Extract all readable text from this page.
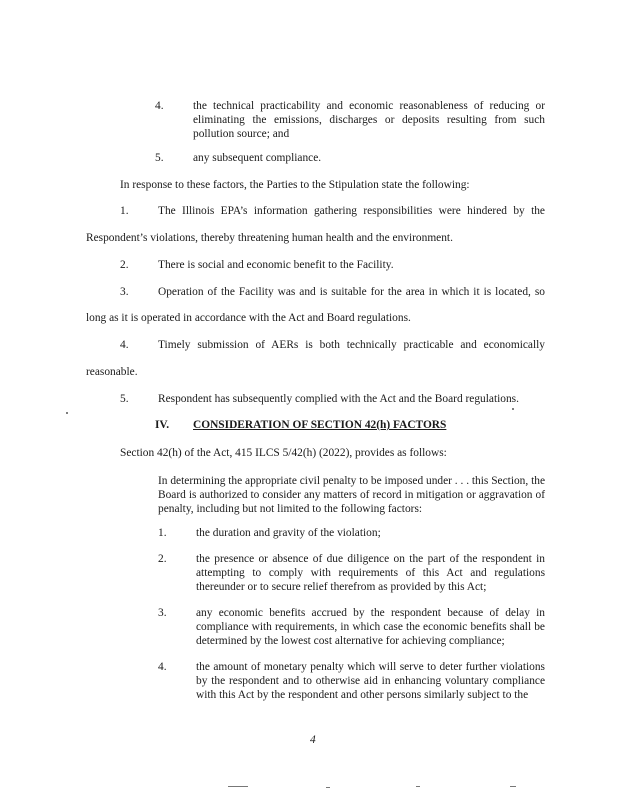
4.	the technical practicability and economic reasonableness of reducing or eliminating the emissions, discharges or deposits resulting from such pollution source; and
5.	any subsequent compliance.
In response to these factors, the Parties to the Stipulation state the following:
1.	The Illinois EPA’s information gathering responsibilities were hindered by the
Respondent’s violations, thereby threatening human health and the environment.
2.	There is social and economic benefit to the Facility.
3.	Operation of the Facility was and is suitable for the area in which it is located, so
long as it is operated in accordance with the Act and Board regulations.
4.	Timely submission of AERs is both technically practicable and economically
reasonable.
5.	Respondent has subsequently complied with the Act and the Board regulations.
IV. CONSIDERATION OF SECTION 42(h) FACTORS
Section 42(h) of the Act, 415 ILCS 5/42(h) (2022), provides as follows:
In determining the appropriate civil penalty to be imposed under . . . this Section, the Board is authorized to consider any matters of record in mitigation or aggravation of penalty, including but not limited to the following factors:
1.	the duration and gravity of the violation;
2.	the presence or absence of due diligence on the part of the respondent in attempting to comply with requirements of this Act and regulations thereunder or to secure relief therefrom as provided by this Act;
3.	any economic benefits accrued by the respondent because of delay in compliance with requirements, in which case the economic benefits shall be determined by the lowest cost alternative for achieving compliance;
4.	the amount of monetary penalty which will serve to deter further violations by the respondent and to otherwise aid in enhancing voluntary compliance with this Act by the respondent and other persons similarly subject to the
4
